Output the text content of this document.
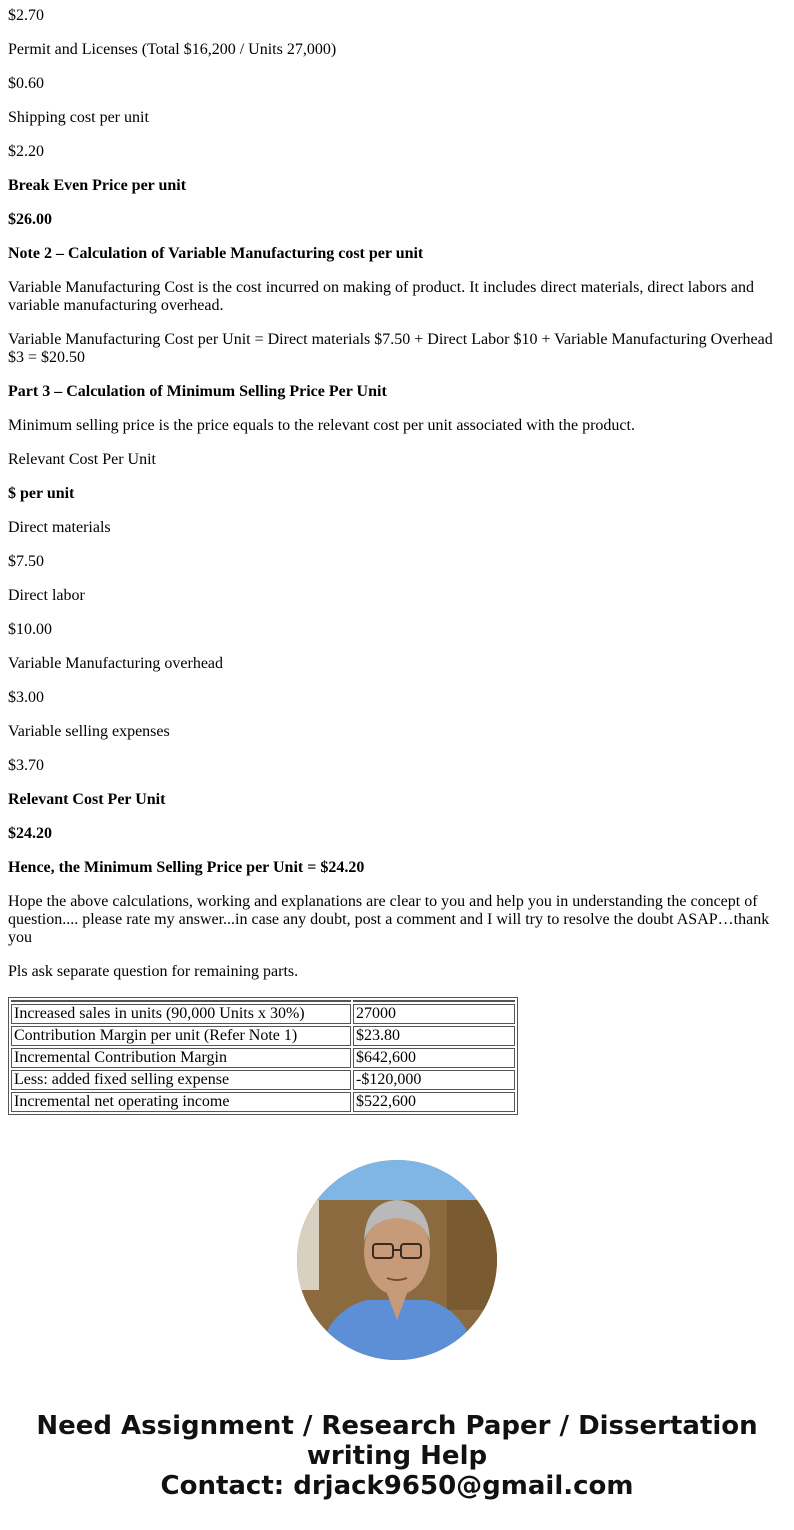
$2.70

Permit and Licenses (Total $16,200 / Units 27,000)

$0.60

Shipping cost per unit

$2.20

Break Even Price per unit

$26.00

Note 2 – Calculation of Variable Manufacturing cost per unit

Variable Manufacturing Cost is the cost incurred on making of product. It includes direct materials, direct labors and variable manufacturing overhead.

Variable Manufacturing Cost per Unit = Direct materials $7.50 + Direct Labor $10 + Variable Manufacturing Overhead $3 = $20.50

Part 3 – Calculation of Minimum Selling Price Per Unit

Minimum selling price is the price equals to the relevant cost per unit associated with the product.

Relevant Cost Per Unit

$ per unit

Direct materials

$7.50

Direct labor

$10.00

Variable Manufacturing overhead

$3.00

Variable selling expenses

$3.70

Relevant Cost Per Unit

$24.20

Hence, the Minimum Selling Price per Unit = $24.20

Hope the above calculations, working and explanations are clear to you and help you in understanding the concept of question.... please rate my answer...in case any doubt, post a comment and I will try to resolve the doubt ASAP…thank you

Pls ask separate question for remaining parts.

Increased sales in units (90,000 Units x 30%)	27000
Contribution Margin per unit (Refer Note 1)	$23.80
Incremental Contribution Margin	$642,600
Less: added fixed selling expense	-$120,000
Incremental net operating income	$522,600
Need Assignment / Research Paper / Dissertation
writing Help
Contact: drjack9650@gmail.com
